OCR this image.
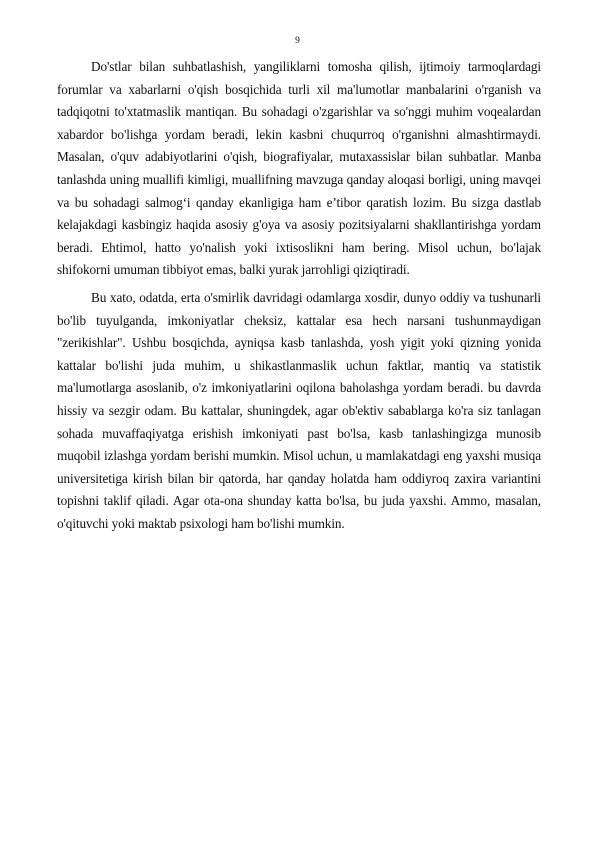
9

Do'stlar bilan suhbatlashish, yangiliklarni tomosha qilish, ijtimoiy tarmoqlardagi forumlar va xabarlarni o'qish bosqichida turli xil ma'lumotlar manbalarini o'rganish va tadqiqotni to'xtatmaslik mantiqan. Bu sohadagi o'zgarishlar va so'nggi muhim voqealardan xabardor bo'lishga yordam beradi, lekin kasbni chuqurroq o'rganishni almashtirmaydi. Masalan, o'quv adabiyotlarini o'qish, biografiyalar, mutaxassislar bilan suhbatlar. Manba tanlashda uning muallifi kimligi, muallifning mavzuga qanday aloqasi borligi, uning mavqei va bu sohadagi salmog‘i qanday ekanligiga ham e’tibor qaratish lozim. Bu sizga dastlab kelajakdagi kasbingiz haqida asosiy g'oya va asosiy pozitsiyalarni shakllantirishga yordam beradi. Ehtimol, hatto yo'nalish yoki ixtisoslikni ham bering. Misol uchun, bo'lajak shifokorni umuman tibbiyot emas, balki yurak jarrohligi qiziqtiradi.

Bu xato, odatda, erta o'smirlik davridagi odamlarga xosdir, dunyo oddiy va tushunarli bo'lib tuyulganda, imkoniyatlar cheksiz, kattalar esa hech narsani tushunmaydigan "zerikishlar". Ushbu bosqichda, ayniqsa kasb tanlashda, yosh yigit yoki qizning yonida kattalar bo'lishi juda muhim, u shikastlanmaslik uchun faktlar, mantiq va statistik ma'lumotlarga asoslanib, o'z imkoniyatlarini oqilona baholashga yordam beradi. bu davrda hissiy va sezgir odam. Bu kattalar, shuningdek, agar ob'ektiv sabablarga ko'ra siz tanlagan sohada muvaffaqiyatga erishish imkoniyati past bo'lsa, kasb tanlashingizga munosib muqobil izlashga yordam berishi mumkin. Misol uchun, u mamlakatdagi eng yaxshi musiqa universitetiga kirish bilan bir qatorda, har qanday holatda ham oddiyroq zaxira variantini topishni taklif qiladi. Agar ota-ona shunday katta bo'lsa, bu juda yaxshi. Ammo, masalan, o'qituvchi yoki maktab psixologi ham bo'lishi mumkin.
